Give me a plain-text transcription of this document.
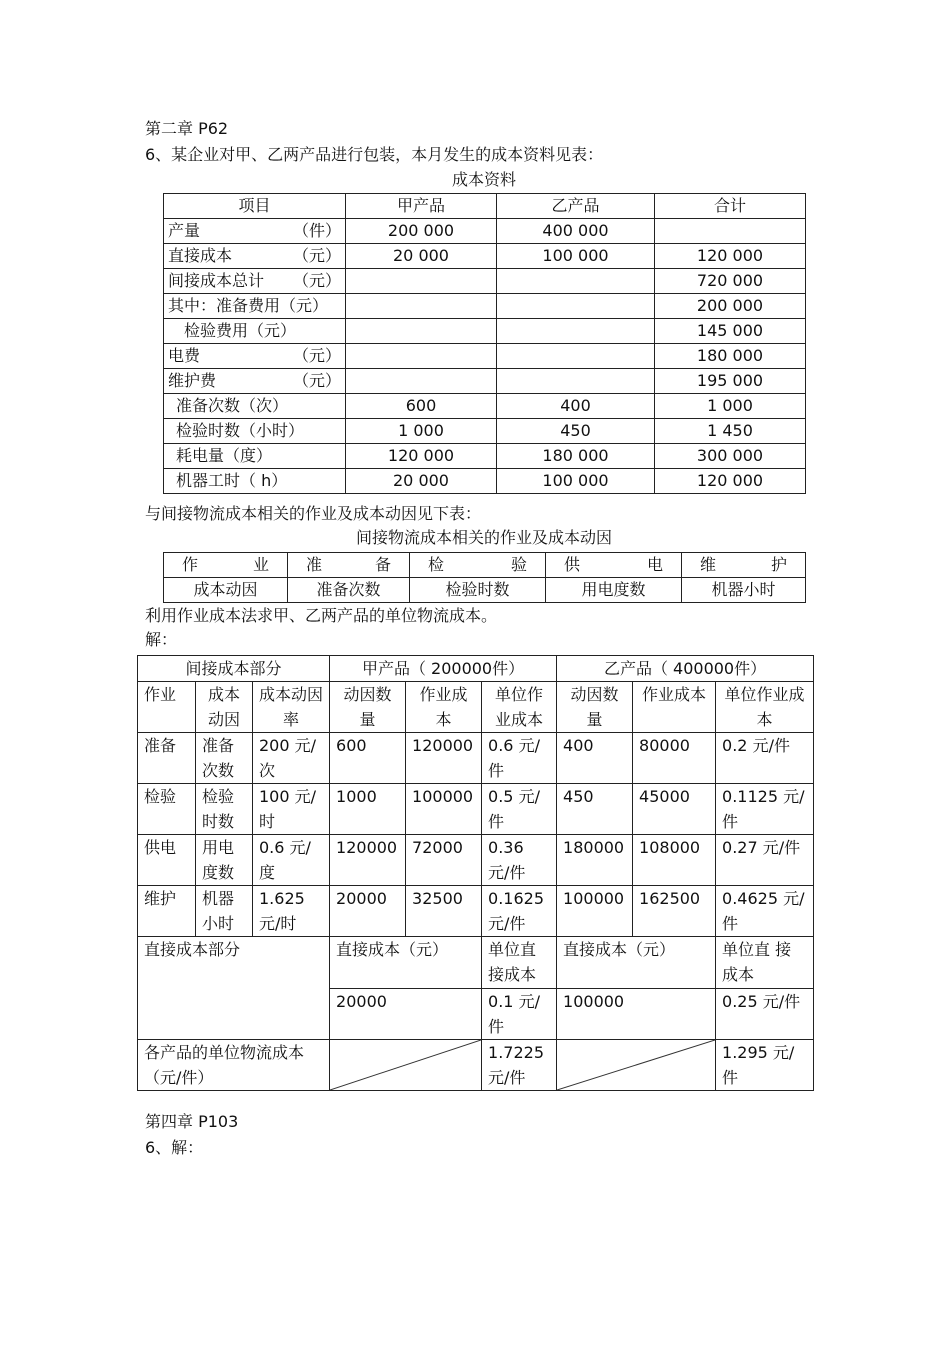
第二章 P62
6、某企业对甲、乙两产品进行包装，本月发生的成本资料见表：
成本资料
项目	甲产品	乙产品	合计

产量 （件）	200 000	400 000	

直接成本 （元）	20 000	100 000	120 000

间接成本总计 （元）			720 000
其中：准备费用（元）			200 000
检验费用（元）			145 000

电费 （元）			180 000

维护费 （元）			195 000
准备次数（次）	600	400	1 000
检验时数（小时）	1 000	450	1 450
耗电量（度）	120 000	180 000	300 000
机器工时（ h）	20 000	100 000	120 000
与间接物流成本相关的作业及成本动因见下表：
间接物流成本相关的作业及成本动因
作 业	准 备	检 验	供 电	维 护

成本动因	准备次数	检验时数	用电度数	机器小时
利用作业成本法求甲、乙两产品的单位物流成本。
解：
间接成本部分			甲产品（ 200000件）			乙产品（ 400000件）		
作业	成本动因	成本动因率	动因数量	作业成本	单位作业成本	动因数量	作业成本	单位作业成本
准备	准备次数	200 元/次	600	120000	0.6 元/件	400	80000	0.2 元/件
检验	检验时数	100 元/时	1000	100000	0.5 元/件	450	45000	0.1125 元/件
供电	用电度数	0.6 元/度	120000	72000	0.36 元/件	180000	108000	0.27 元/件
维护	机器小时	1.625 元/时	20000	32500	0.1625 元/件	100000	162500	0.4625 元/件
直接成本部分			直接成本（元）		单位直接成本	直接成本（元）		单位直 接成本
			20000		0.1 元/件	100000		0.25 元/件
各产品的单位物流成本（元/件）					1.7225 元/件			1.295 元/件
第四章 P103
6、解：
